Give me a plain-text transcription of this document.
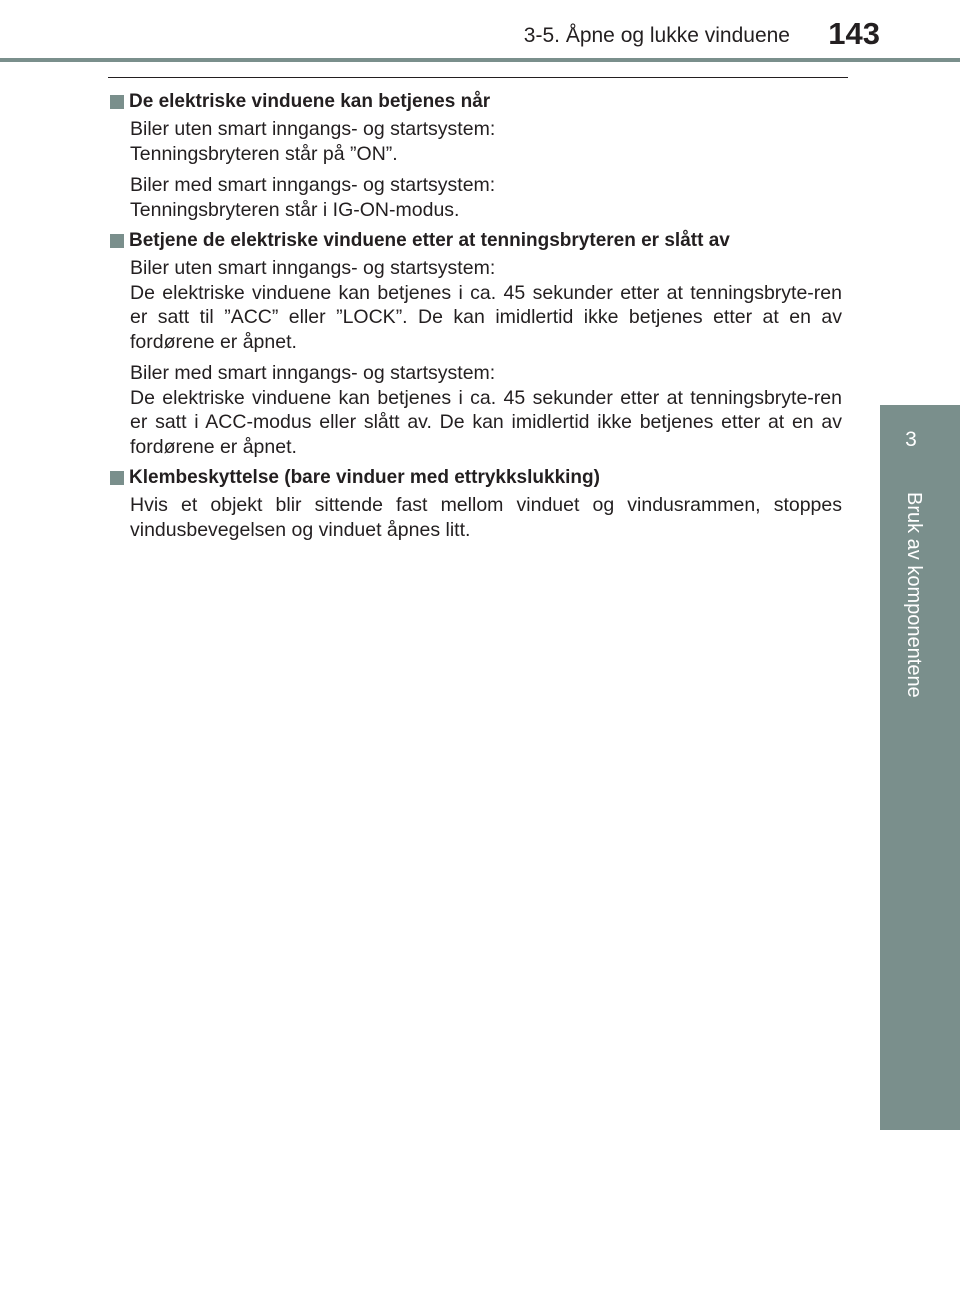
3-5. Åpne og lukke vinduene	143
3
Bruk av komponentene
De elektriske vinduene kan betjenes når
Biler uten smart inngangs- og startsystem:
Tenningsbryteren står på ”ON”.
Biler med smart inngangs- og startsystem:
Tenningsbryteren står i IG-ON-modus.
Betjene de elektriske vinduene etter at tenningsbryteren er slått av
Biler uten smart inngangs- og startsystem:
De elektriske vinduene kan betjenes i ca. 45 sekunder etter at tenningsbryte-ren er satt til ”ACC” eller ”LOCK”. De kan imidlertid ikke betjenes etter at en av fordørene er åpnet.
Biler med smart inngangs- og startsystem:
De elektriske vinduene kan betjenes i ca. 45 sekunder etter at tenningsbryte-ren er satt i ACC-modus eller slått av. De kan imidlertid ikke betjenes etter at en av fordørene er åpnet.
Klembeskyttelse (bare vinduer med ettrykkslukking)
Hvis et objekt blir sittende fast mellom vinduet og vindusrammen, stoppes vindusbevegelsen og vinduet åpnes litt.
